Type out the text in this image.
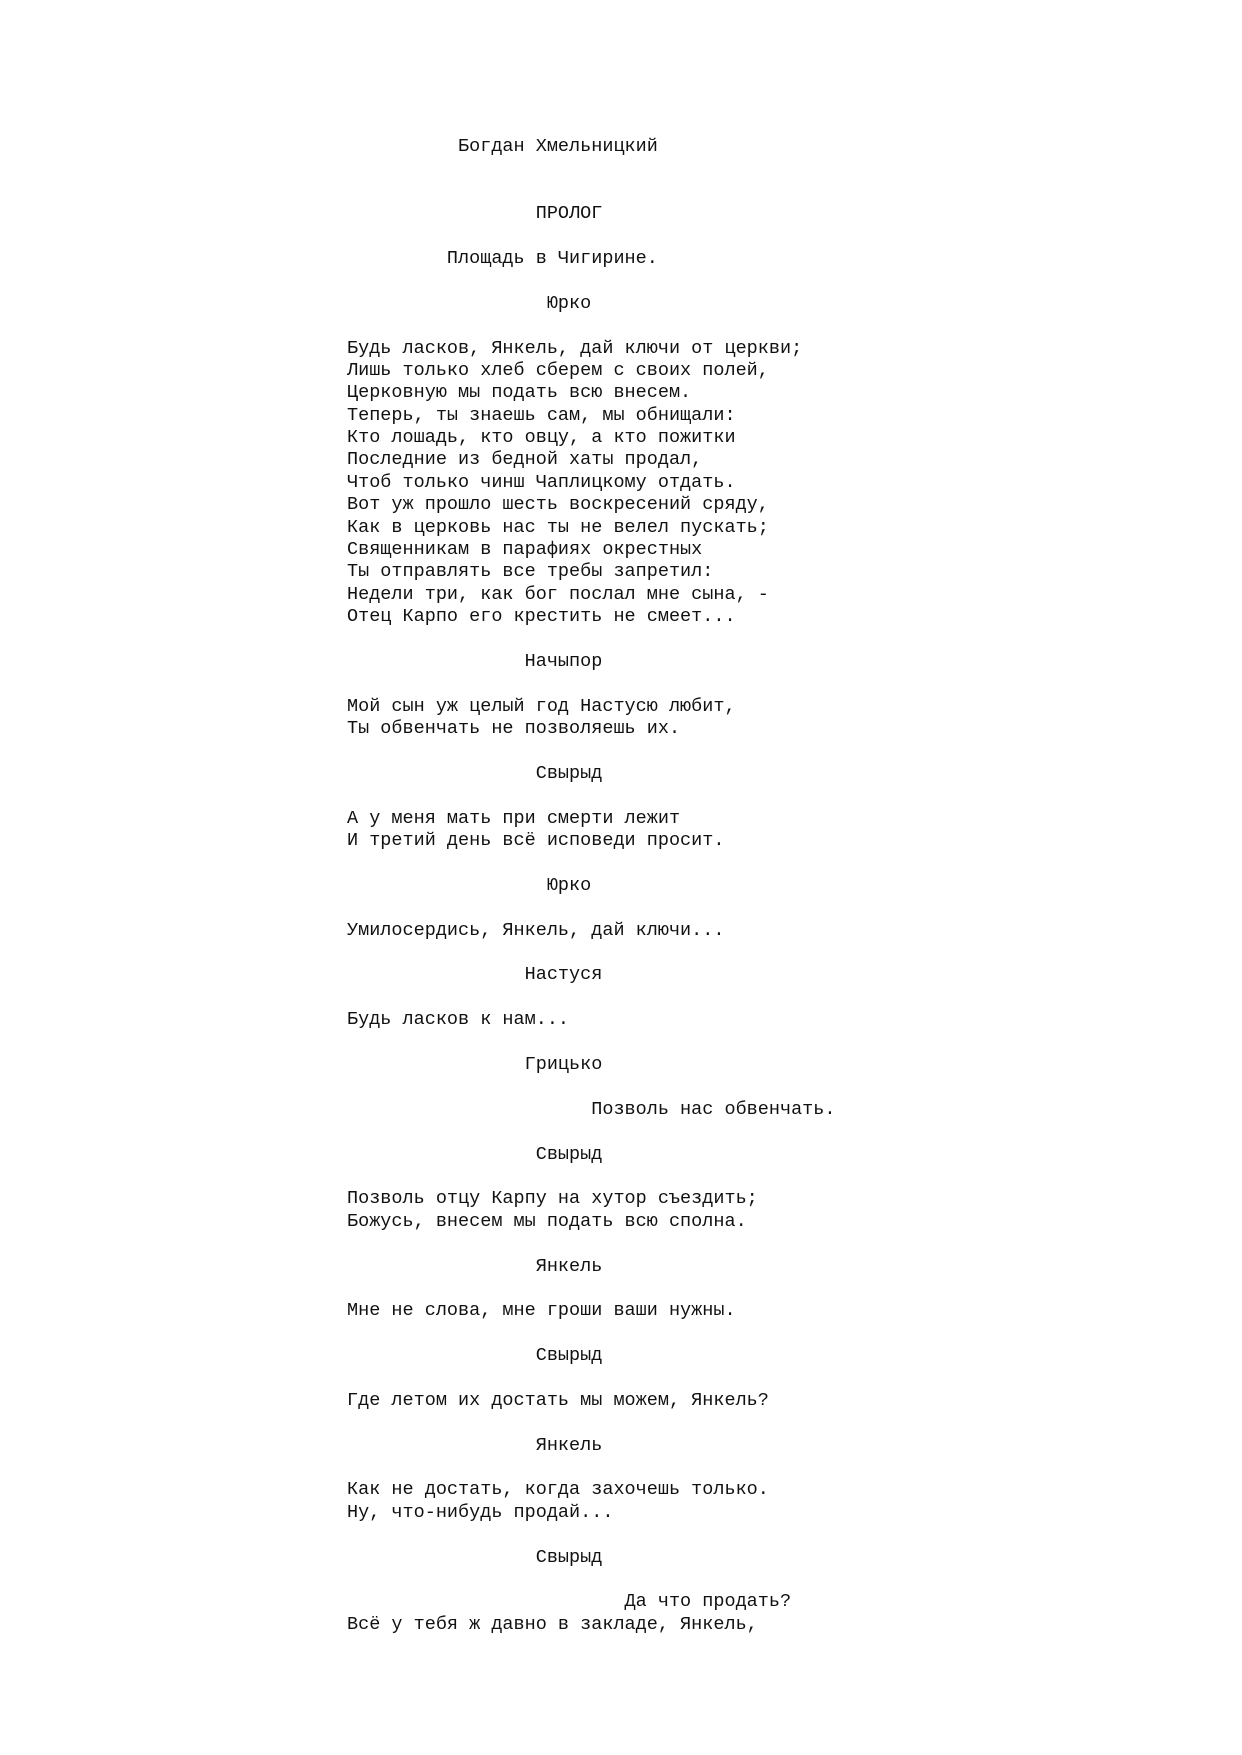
Богдан Хмельницкий
ПРОЛОГ
Площадь в Чигирине.
Юрко
Будь ласков, Янкель, дай ключи от церкви;
Лишь только хлеб сберем с своих полей,
Церковную мы подать всю внесем.
Теперь, ты знаешь сам, мы обнищали:
Кто лошадь, кто овцу, а кто пожитки
Последние из бедной хаты продал,
Чтоб только чинш Чаплицкому отдать.
Вот уж прошло шесть воскресений сряду,
Как в церковь нас ты не велел пускать;
Священникам в парафиях окрестных
Ты отправлять все требы запретил:
Недели три, как бог послал мне сына, -
Отец Карпо его крестить не смеет...
Начыпор
Мой сын уж целый год Настусю любит,
Ты обвенчать не позволяешь их.
Свырыд
А у меня мать при смерти лежит
И третий день всё исповеди просит.
Юрко
Умилосердись, Янкель, дай ключи...
Настуся
Будь ласков к нам...
Грицько
Позволь нас обвенчать.
Свырыд
Позволь отцу Карпу на хутор съездить;
Божусь, внесем мы подать всю сполна.
Янкель
Мне не слова, мне гроши ваши нужны.
Свырыд
Где летом их достать мы можем, Янкель?
Янкель
Как не достать, когда захочешь только.
Ну, что-нибудь продай...
Свырыд
Да что продать?
Всё у тебя ж давно в закладе, Янкель,
